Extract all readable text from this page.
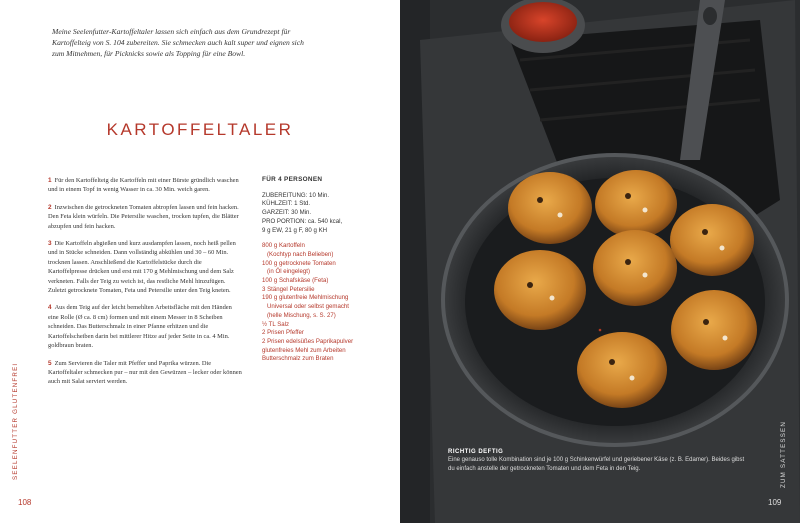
Meine Seelenfutter-Kartoffeltaler lassen sich einfach aus dem Grundrezept für Kartoffelteig von S. 104 zubereiten. Sie schmecken auch kalt super und eignen sich zum Mitnehmen, für Picknicks sowie als Topping für eine Bowl.
KARTOFFELTALER
1 Für den Kartoffelteig die Kartoffeln mit einer Bürste gründlich waschen und in einem Topf in wenig Wasser in ca. 30 Min. weich garen.
2 Inzwischen die getrockneten Tomaten abtropfen lassen und fein hacken. Den Feta klein würfeln. Die Petersilie waschen, trocken tupfen, die Blätter abzupfen und fein hacken.
3 Die Kartoffeln abgießen und kurz ausdampfen lassen, noch heiß pellen und in Stücke schneiden. Dann vollständig abkühlen und 30 – 60 Min. trocknen lassen. Anschließend die Kartoffelstücke durch die Kartoffelpresse drücken und erst mit 170 g Mehlmischung und dem Salz verkneten. Falls der Teig zu weich ist, das restliche Mehl hinzufügen. Zuletzt getrocknete Tomaten, Feta und Petersilie unter den Teig kneten.
4 Aus dem Teig auf der leicht bemehlten Arbeitsfläche mit den Händen eine Rolle (Ø ca. 8 cm) formen und mit einem Messer in 8 Scheiben schneiden. Das Butterschmalz in einer Pfanne erhitzen und die Kartoffelscheiben darin bei mittlerer Hitze auf jeder Seite in ca. 4 Min. goldbraun braten.
5 Zum Servieren die Taler mit Pfeffer und Paprika würzen. Die Kartoffeltaler schmecken pur – nur mit den Gewürzen – lecker oder können auch mit Salat serviert werden.
FÜR 4 PERSONEN
ZUBEREITUNG: 10 Min.
KÜHLZEIT: 1 Std.
GARZEIT: 30 Min.
PRO PORTION: ca. 540 kcal,
9 g EW, 21 g F, 80 g KH
800 g Kartoffeln
(Kochtyp nach Belieben)
100 g getrocknete Tomaten
(in Öl eingelegt)
100 g Schafskäse (Feta)
3 Stängel Petersilie
190 g glutenfreie Mehlmischung
Universal oder selbst gemacht
(helle Mischung, s. S. 27)
½ TL Salz
2 Prisen Pfeffer
2 Prisen edelsüßes Paprikapulver
glutenfreies Mehl zum Arbeiten
Butterschmalz zum Braten
SEELENFUTTER GLUTENFREI
108
RICHTIG DEFTIG
Eine genauso tolle Kombination sind je 100 g Schinkenwürfel und geriebener Käse (z. B. Edamer). Beides gibst du einfach anstelle der getrockneten Tomaten und dem Feta in den Teig.	ZUM SATTESSEN
109
